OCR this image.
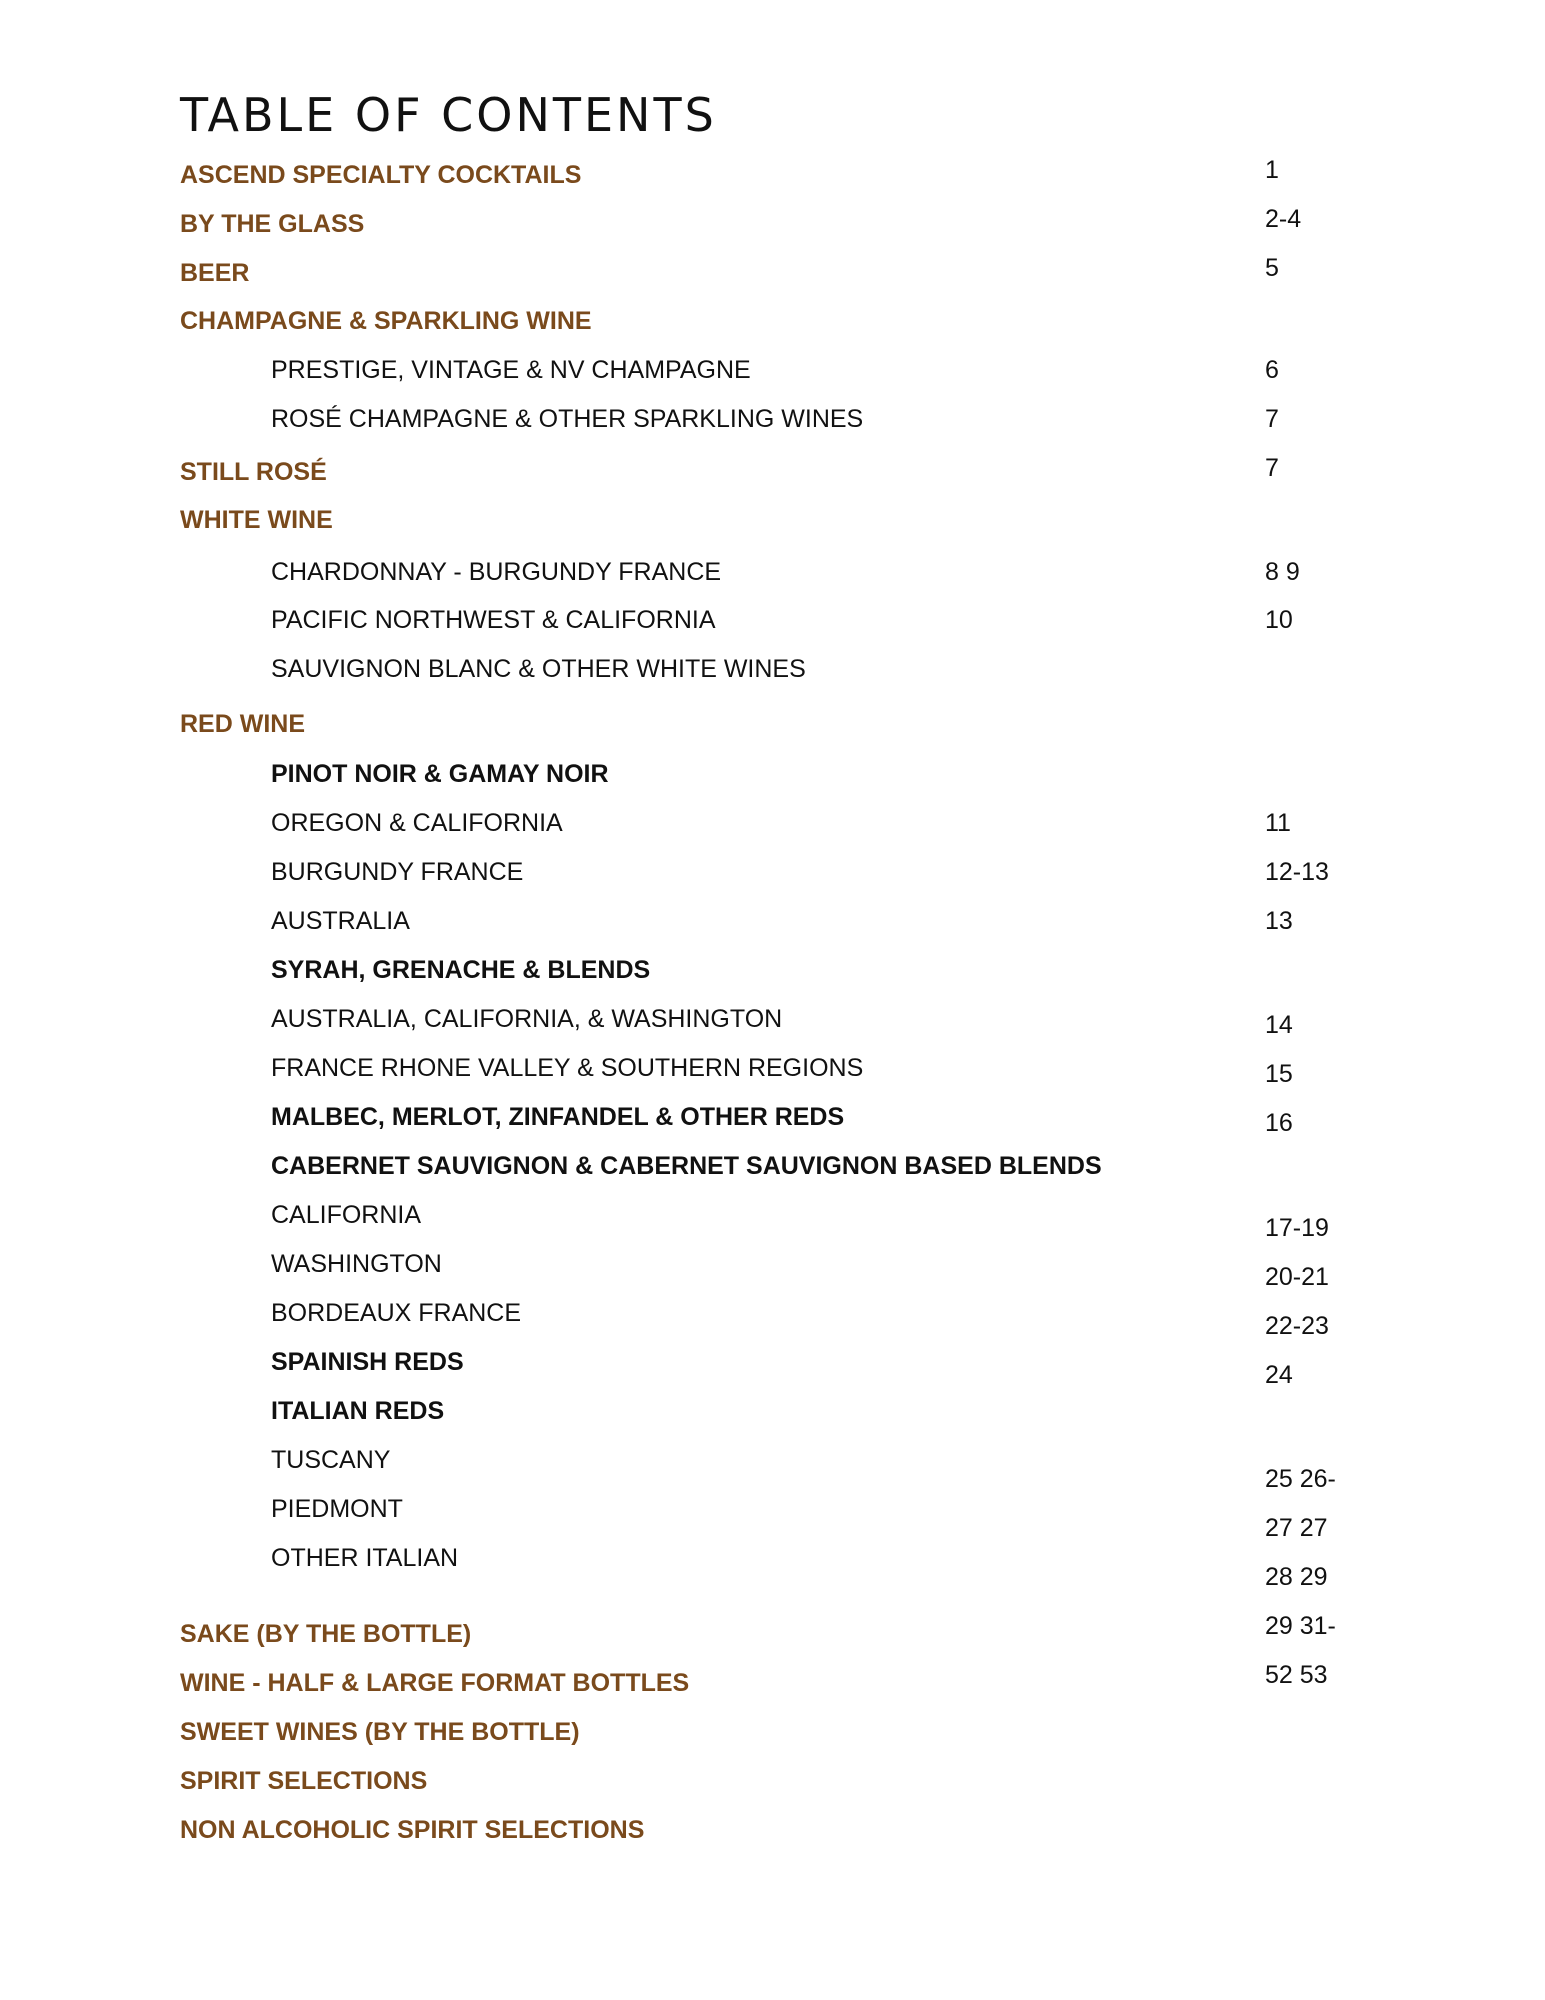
TABLE OF CONTENTS
ASCEND SPECIALTY COCKTAILS
BY THE GLASS
BEER
CHAMPAGNE & SPARKLING WINE
PRESTIGE, VINTAGE & NV CHAMPAGNE
ROSÉ CHAMPAGNE & OTHER SPARKLING WINES
STILL ROSÉ
WHITE WINE
CHARDONNAY - BURGUNDY FRANCE
PACIFIC NORTHWEST & CALIFORNIA
SAUVIGNON BLANC & OTHER WHITE WINES
RED WINE
PINOT NOIR & GAMAY NOIR
OREGON & CALIFORNIA
BURGUNDY FRANCE
AUSTRALIA
SYRAH, GRENACHE & BLENDS
AUSTRALIA, CALIFORNIA, & WASHINGTON
FRANCE RHONE VALLEY & SOUTHERN REGIONS
MALBEC, MERLOT, ZINFANDEL & OTHER REDS
CABERNET SAUVIGNON & CABERNET SAUVIGNON BASED BLENDS
CALIFORNIA
WASHINGTON
BORDEAUX FRANCE
SPAINISH REDS
ITALIAN REDS
TUSCANY
PIEDMONT
OTHER ITALIAN
SAKE (BY THE BOTTLE)
WINE - HALF & LARGE FORMAT BOTTLES
SWEET WINES (BY THE BOTTLE)
SPIRIT SELECTIONS
NON ALCOHOLIC SPIRIT SELECTIONS
1
2-4
5
6
7
7
8 9
10
11
12-13
13
14
15
16
17-19
20-21
22-23
24
25 26-
27 27
28 29
29 31-
52 53
